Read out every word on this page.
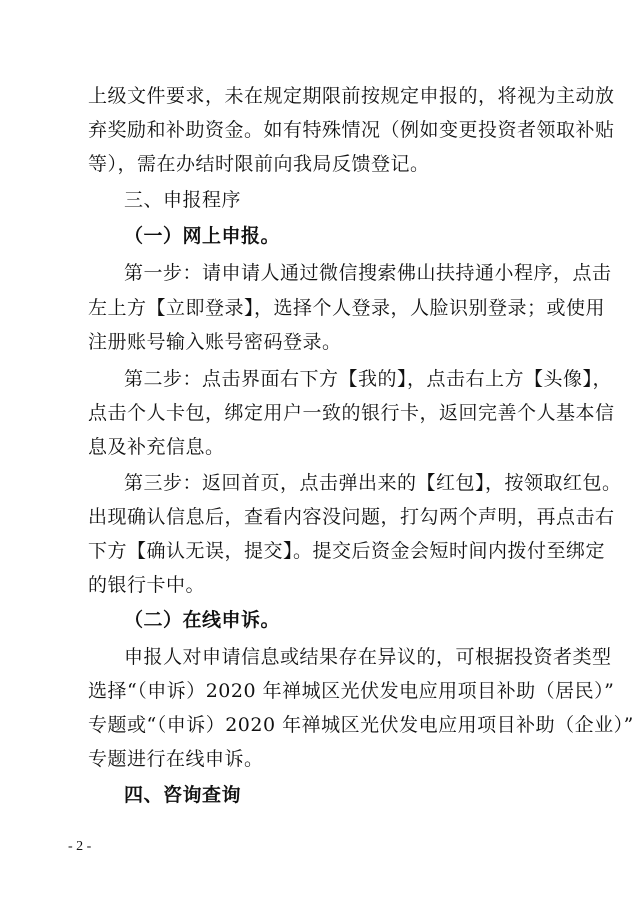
上级文件要求，未在规定期限前按规定申报的，将视为主动放
弃奖励和补助资金。如有特殊情况（例如变更投资者领取补贴
等），需在办结时限前向我局反馈登记。
三、申报程序
（一）网上申报。
第一步：请申请人通过微信搜索佛山扶持通小程序，点击
左上方【立即登录】，选择个人登录，人脸识别登录；或使用
注册账号输入账号密码登录。
第二步：点击界面右下方【我的】，点击右上方【头像】，
点击个人卡包，绑定用户一致的银行卡，返回完善个人基本信
息及补充信息。
第三步：返回首页，点击弹出来的【红包】，按领取红包。
出现确认信息后，查看内容没问题，打勾两个声明，再点击右
下方【确认无误，提交】。提交后资金会短时间内拨付至绑定
的银行卡中。
（二）在线申诉。
申报人对申请信息或结果存在异议的，可根据投资者类型
选择“（申诉）2020 年禅城区光伏发电应用项目补助（居民）”
专题或“（申诉）2020 年禅城区光伏发电应用项目补助（企业）”
专题进行在线申诉。
四、咨询查询
- 2 -
